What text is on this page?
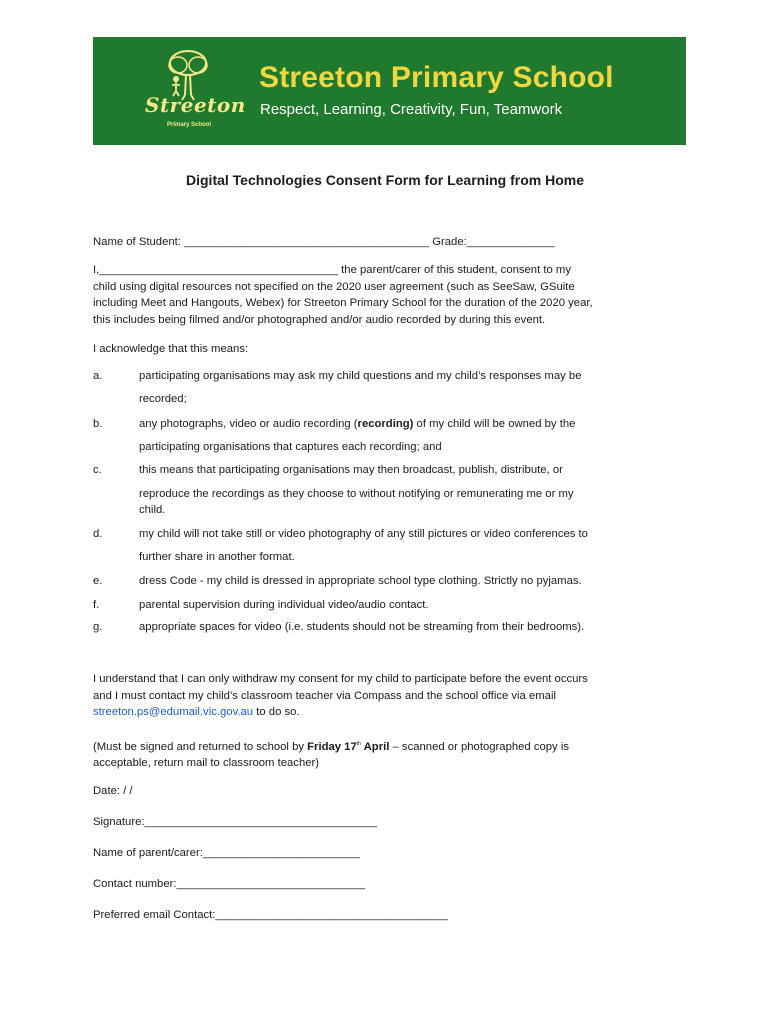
Streeton
Primary School
Streeton Primary School
Respect, Learning, Creativity, Fun, Teamwork
Digital Technologies Consent Form for Learning from Home
Name of Student: _______________________________________ Grade:______________
I,______________________________________ the parent/carer of this student, consent to my
child using digital resources not specified on the 2020 user agreement (such as SeeSaw, GSuite
including Meet and Hangouts, Webex) for Streeton Primary School for the duration of the 2020 year,
this includes being filmed and/or photographed and/or audio recorded by during this event.
I acknowledge that this means:
a.	participating organisations may ask my child questions and my child’s responses may be
recorded;
b.	any photographs, video or audio recording (recording) of my child will be owned by the
participating organisations that captures each recording; and
c.	this means that participating organisations may then broadcast, publish, distribute, or
reproduce the recordings as they choose to without notifying or remunerating me or my
child.
d.	my child will not take still or video photography of any still pictures or video conferences to
further share in another format.
e.	dress Code - my child is dressed in appropriate school type clothing. Strictly no pyjamas.
f.	parental supervision during individual video/audio contact.
g.	appropriate spaces for video (i.e. students should not be streaming from their bedrooms).
I understand that I can only withdraw my consent for my child to participate before the event occurs
and I must contact my child’s classroom teacher via Compass and the school office via email
streeton.ps@edumail.vic.gov.au to do so.
(Must be signed and returned to school by Friday 17th April – scanned or photographed copy is
acceptable, return mail to classroom teacher)
Date: / /
Signature:_____________________________________
Name of parent/carer:_________________________
Contact number:______________________________
Preferred email Contact:_____________________________________
